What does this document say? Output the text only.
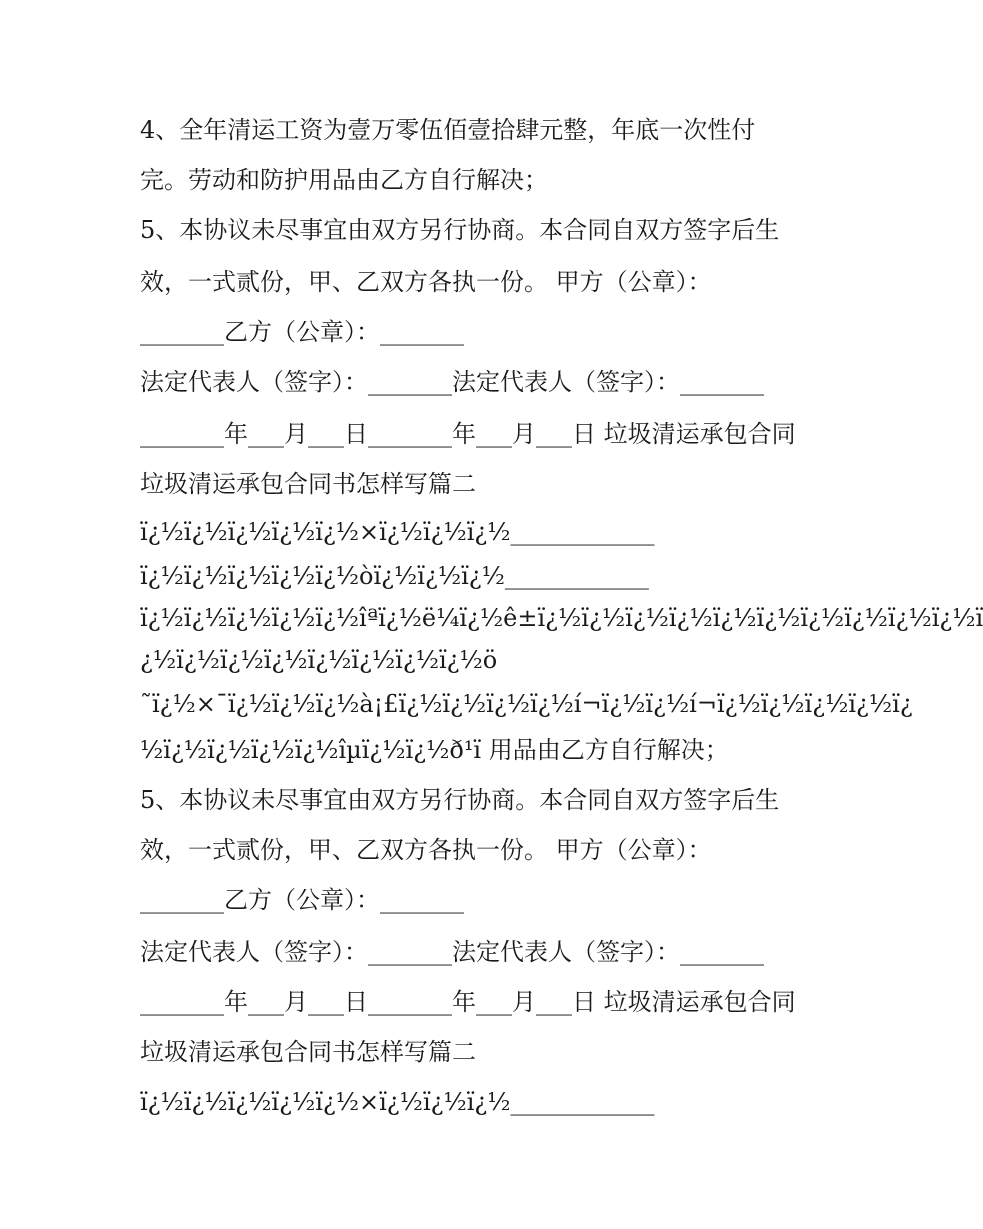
4、全年清运工资为壹万零伍佰壹拾肆元整，年底一次性付
完。劳动和防护用品由乙方自行解决；
5、本协议未尽事宜由双方另行协商。本合同自双方签字后生
效，一式贰份，甲、乙双方各执一份。 甲方（公章）：
_______乙方（公章）：_______
法定代表人（签字）：_______法定代表人（签字）：_______
_______年___月___日_______年___月___日 垃圾清运承包合同
垃圾清运承包合同书怎样写篇二
ï¿½ï¿½ï¿½ï¿½ï¿½×ï¿½ï¿½ï¿½____________
ï¿½ï¿½ï¿½ï¿½ï¿½òï¿½ï¿½ï¿½____________
ï¿½ï¿½ï¿½ï¿½ï¿½îªï¿½ë¼ï¿½ê±ï¿½ï¿½ï¿½ï¿½ï¿½ï¿½ï¿½ï¿½ï¿½ï¿½ï
¿½ï¿½ï¿½ï¿½ï¿½ï¿½ï¿½ï¿½ö
˜ï¿½×¯ï¿½ï¿½ï¿½à¡£ï¿½ï¿½ï¿½ï¿½í¬ï¿½ï¿½í¬ï¿½ï¿½ï¿½ï¿½ï¿
½ï¿½ï¿½ï¿½ï¿½îµï¿½ï¿½ð¹ï 用品由乙方自行解决；
5、本协议未尽事宜由双方另行协商。本合同自双方签字后生
效，一式贰份，甲、乙双方各执一份。 甲方（公章）：
_______乙方（公章）：_______
法定代表人（签字）：_______法定代表人（签字）：_______
_______年___月___日_______年___月___日 垃圾清运承包合同
垃圾清运承包合同书怎样写篇二
ï¿½ï¿½ï¿½ï¿½ï¿½×ï¿½ï¿½ï¿½____________
